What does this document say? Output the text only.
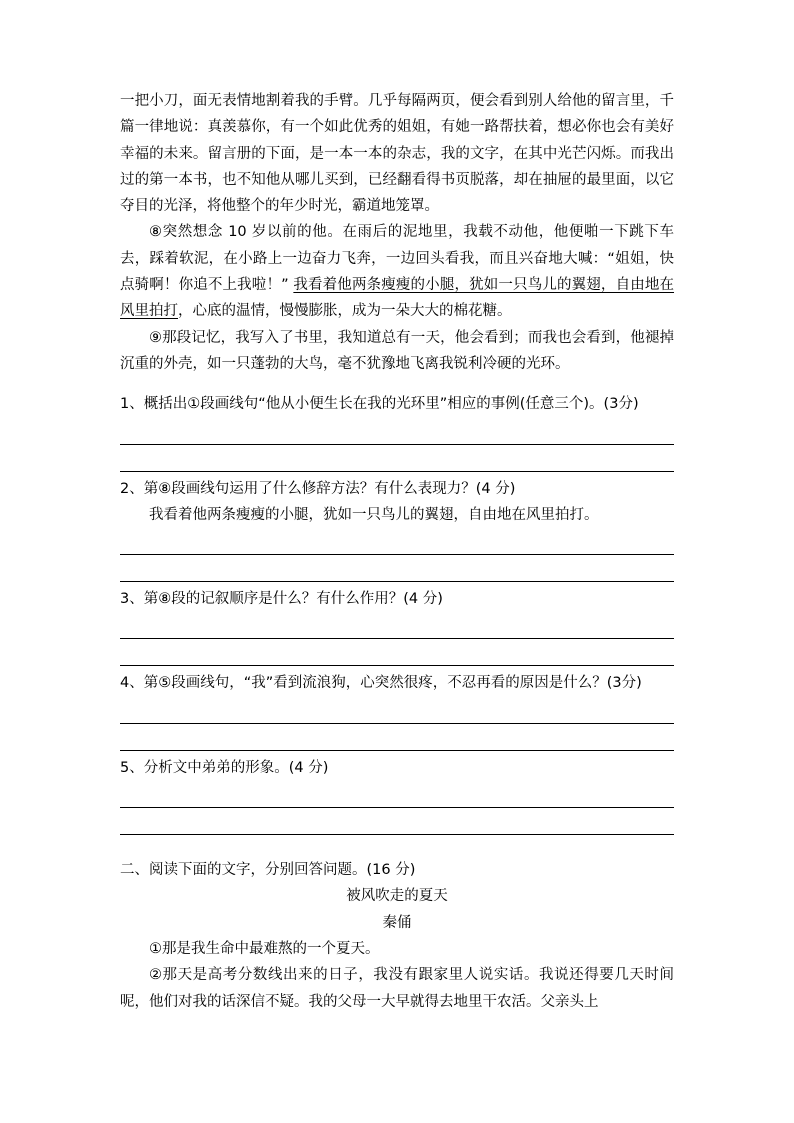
一把小刀，面无表情地割着我的手臂。几乎每隔两页，便会看到别人给他的留言里，千篇一律地说：真羡慕你，有一个如此优秀的姐姐，有她一路帮扶着，想必你也会有美好幸福的未来。留言册的下面，是一本一本的杂志，我的文字，在其中光芒闪烁。而我出过的第一本书，也不知他从哪儿买到，已经翻看得书页脱落，却在抽屉的最里面，以它夺目的光泽，将他整个的年少时光，霸道地笼罩。

⑧突然想念 10 岁以前的他。在雨后的泥地里，我载不动他，他便啪一下跳下车去，踩着软泥，在小路上一边奋力飞奔，一边回头看我，而且兴奋地大喊：“姐姐，快点骑啊！你追不上我啦！” 我看着他两条瘦瘦的小腿，犹如一只鸟儿的翼翅，自由地在风里拍打，心底的温情，慢慢膨胀，成为一朵大大的棉花糖。

⑨那段记忆，我写入了书里，我知道总有一天，他会看到；而我也会看到，他褪掉沉重的外壳，如一只蓬勃的大鸟，毫不犹豫地飞离我锐利冷硬的光环。

1、概括出①段画线句“他从小便生长在我的光环里”相应的事例(任意三个)。(3分)

2、第⑧段画线句运用了什么修辞方法？有什么表现力？(4 分)

我看着他两条瘦瘦的小腿，犹如一只鸟儿的翼翅，自由地在风里拍打。

3、第⑧段的记叙顺序是什么？有什么作用？(4 分)

4、第⑤段画线句，“我”看到流浪狗，心突然很疼，不忍再看的原因是什么？(3分)

5、分析文中弟弟的形象。(4 分)

二、阅读下面的文字，分别回答问题。(16 分)

被风吹走的夏天

秦俑

①那是我生命中最难熬的一个夏天。

②那天是高考分数线出来的日子，我没有跟家里人说实话。我说还得要几天时间呢，他们对我的话深信不疑。我的父母一大早就得去地里干农活。父亲头上
